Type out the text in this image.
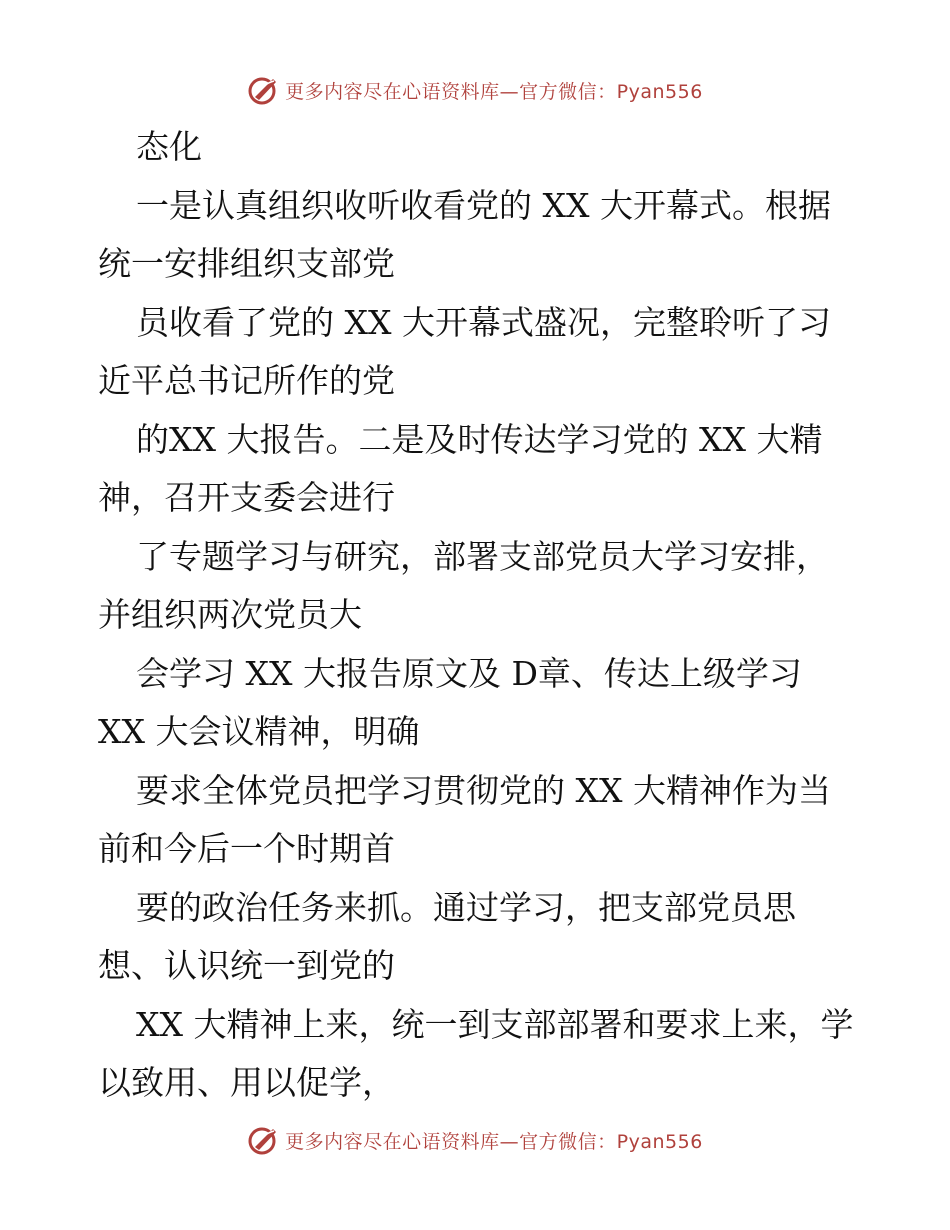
更多内容尽在心语资料库—官方微信：Pyan556

态化

一是认真组织收听收看党的 XX 大开幕式。根据统一安排组织支部党

员收看了党的 XX 大开幕式盛况，完整聆听了习近平总书记所作的党

的XX 大报告。二是及时传达学习党的 XX 大精神，召开支委会进行

了专题学习与研究，部署支部党员大学习安排，并组织两次党员大

会学习 XX 大报告原文及 D章、传达上级学习 XX 大会议精神，明确

要求全体党员把学习贯彻党的 XX 大精神作为当前和今后一个时期首

要的政治任务来抓。通过学习，把支部党员思想、认识统一到党的

XX 大精神上来，统一到支部部署和要求上来，学以致用、用以促学，

更多内容尽在心语资料库—官方微信：Pyan556
